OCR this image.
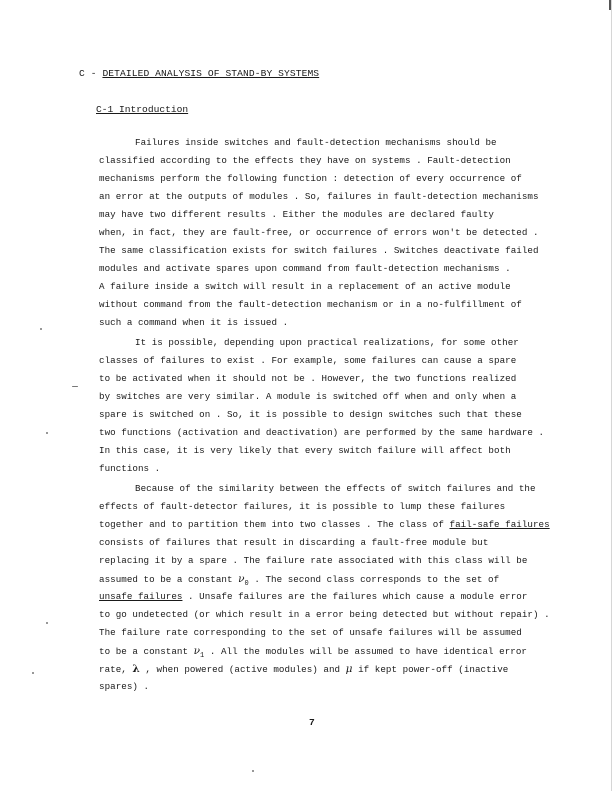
C - DETAILED ANALYSIS OF STAND-BY SYSTEMS
C-1 Introduction
Failures inside switches and fault-detection mechanisms should be
classified according to the effects they have on systems . Fault-detection
mechanisms perform the following function : detection of every occurrence of
an error at the outputs of modules . So, failures in fault-detection mechanisms
may have two different results . Either the modules are declared faulty
when, in fact, they are fault-free, or occurrence of errors won't be detected .
The same classification exists for switch failures . Switches deactivate failed
modules and activate spares upon command from fault-detection mechanisms .
A failure inside a switch will result in a replacement of an active module
without command from the fault-detection mechanism or in a no-fulfillment of
such a command when it is issued .
It is possible, depending upon practical realizations, for some other
classes of failures to exist . For example, some failures can cause a spare
to be activated when it should not be . However, the two functions realized
by switches are very similar. A module is switched off when and only when a
spare is switched on . So, it is possible to design switches such that these
two functions (activation and deactivation) are performed by the same hardware .
In this case, it is very likely that every switch failure will affect both
functions .
Because of the similarity between the effects of switch failures and the
effects of fault-detector failures, it is possible to lump these failures
together and to partition them into two classes . The class of fail-safe failures
consists of failures that result in discarding a fault-free module but
replacing it by a spare . The failure rate associated with this class will be
assumed to be a constant $\nu_0$ . The second class corresponds to the set of
unsafe failures . Unsafe failures are the failures which cause a module error
to go undetected (or which result in a error being detected but without repair) .
The failure rate corresponding to the set of unsafe failures will be assumed
to be a constant $\nu_1$ . All the modules will be assumed to have identical error
rate, λ , when powered (active modules) and μ if kept power-off (inactive
spares) .
7
